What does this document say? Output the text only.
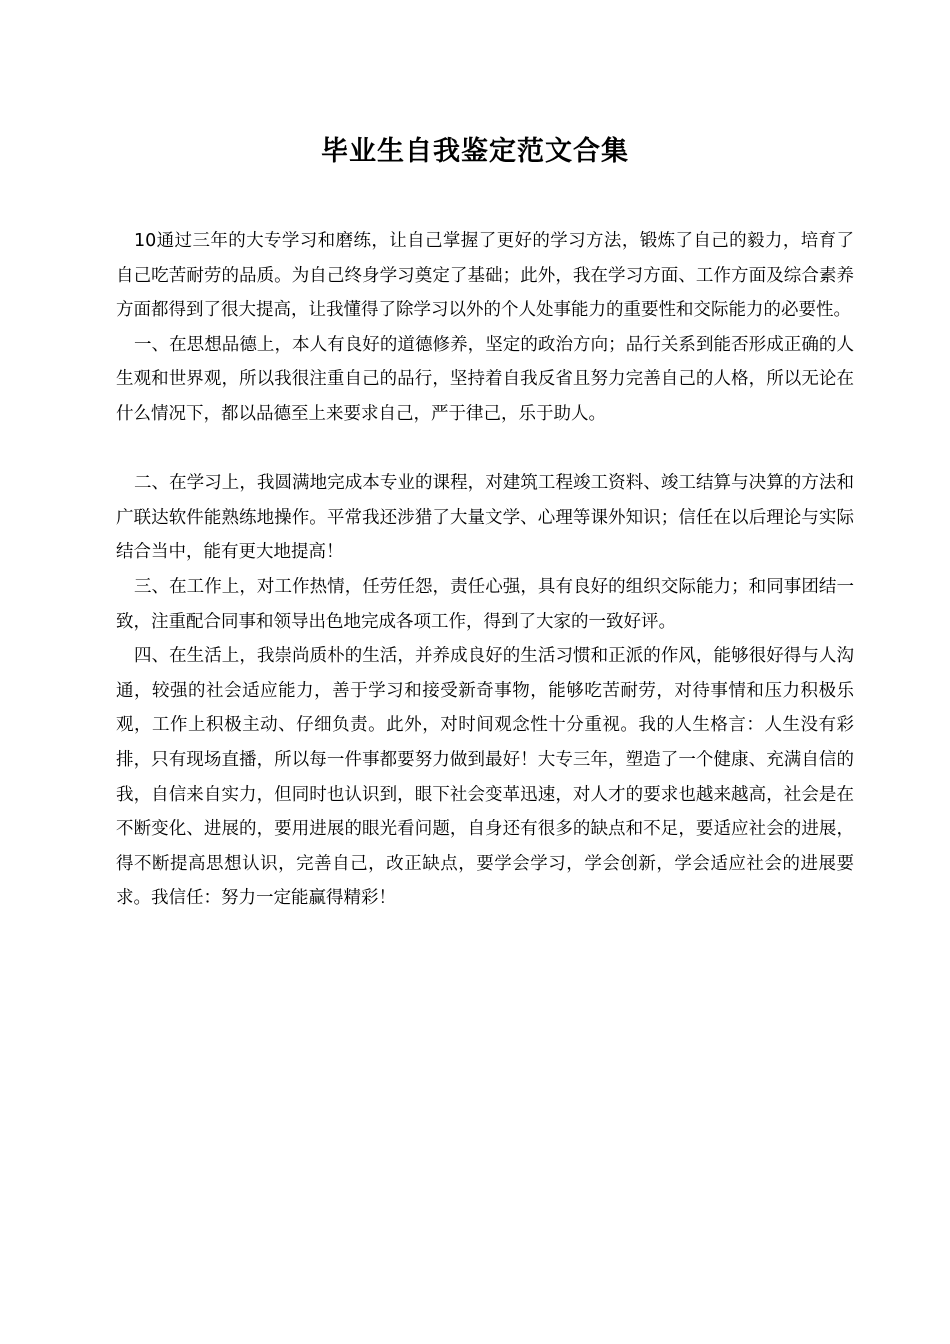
毕业生自我鉴定范文合集

10通过三年的大专学习和磨练，让自己掌握了更好的学习方法，锻炼了自己的毅力，培育了自己吃苦耐劳的品质。为自己终身学习奠定了基础；此外，我在学习方面、工作方面及综合素养方面都得到了很大提高，让我懂得了除学习以外的个人处事能力的重要性和交际能力的必要性。

一、在思想品德上，本人有良好的道德修养，坚定的政治方向；品行关系到能否形成正确的人生观和世界观，所以我很注重自己的品行，坚持着自我反省且努力完善自己的人格，所以无论在什么情况下，都以品德至上来要求自己，严于律己，乐于助人。

二、在学习上，我圆满地完成本专业的课程，对建筑工程竣工资料、竣工结算与决算的方法和广联达软件能熟练地操作。平常我还涉猎了大量文学、心理等课外知识；信任在以后理论与实际结合当中，能有更大地提高！

三、在工作上，对工作热情，任劳任怨，责任心强，具有良好的组织交际能力；和同事团结一致，注重配合同事和领导出色地完成各项工作，得到了大家的一致好评。

四、在生活上，我崇尚质朴的生活，并养成良好的生活习惯和正派的作风，能够很好得与人沟通，较强的社会适应能力，善于学习和接受新奇事物，能够吃苦耐劳，对待事情和压力积极乐观，工作上积极主动、仔细负责。此外，对时间观念性十分重视。我的人生格言：人生没有彩排，只有现场直播，所以每一件事都要努力做到最好！大专三年，塑造了一个健康、充满自信的我，自信来自实力，但同时也认识到，眼下社会变革迅速，对人才的要求也越来越高，社会是在不断变化、进展的，要用进展的眼光看问题，自身还有很多的缺点和不足，要适应社会的进展，得不断提高思想认识，完善自己，改正缺点，要学会学习，学会创新，学会适应社会的进展要求。我信任：努力一定能赢得精彩！
